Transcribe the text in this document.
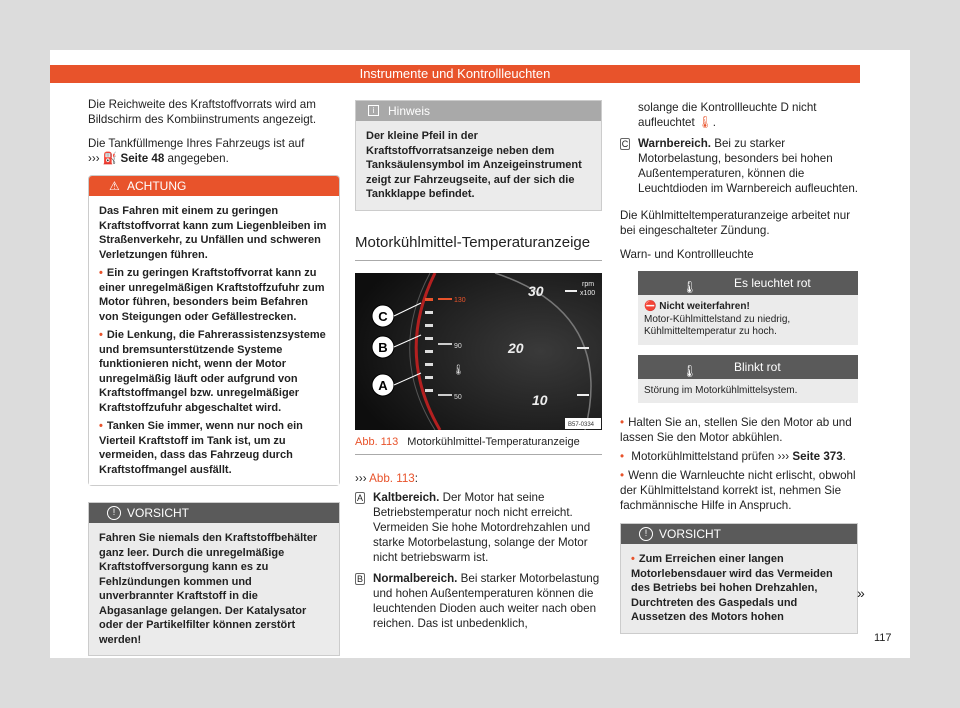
Instrumente und Kontrollleuchten

Die Reichweite des Kraftstoffvorrats wird am Bildschirm des Kombiinstruments angezeigt.

Die Tankfüllmenge Ihres Fahrzeugs ist auf
››› ⛽ Seite 48 angegeben.

⚠ ACHTUNG

Das Fahren mit einem zu geringen Kraftstoffvorrat kann zum Liegenbleiben im Straßenverkehr, zu Unfällen und schweren Verletzungen führen.

• Ein zu geringen Kraftstoffvorrat kann zu einer unregelmäßigen Kraftstoffzufuhr zum Motor führen, besonders beim Befahren von Steigungen oder Gefällestrecken.

• Die Lenkung, die Fahrerassistenzsysteme und bremsunterstützende Systeme funktionieren nicht, wenn der Motor unregelmäßig läuft oder aufgrund von Kraftstoffmangel bzw. unregelmäßiger Kraftstoffzufuhr abgeschaltet wird.

• Tanken Sie immer, wenn nur noch ein Vierteil Kraftstoff im Tank ist, um zu vermeiden, dass das Fahrzeug durch Kraftstoffmangel ausfällt.

! VORSICHT
Fahren Sie niemals den Kraftstoffbehälter ganz leer. Durch die unregelmäßige Kraftstoffversorgung kann es zu Fehlzündungen kommen und unverbrannter Kraftstoff in die Abgasanlage gelangen. Der Katalysator oder der Partikelfilter können zerstört werden!
i	Hinweis
Der kleine Pfeil in der Kraftstoffvorratsanzeige neben dem Tanksäulensymbol im Anzeigeinstrument zeigt zur Fahrzeugseite, auf der sich die Tankklappe befindet.
Motorkühlmittel-Temperaturanzeige
130
90
50
🌡
30
20
10
rpm
x100
C
B
A
B57-0334
Abb. 113 Motorkühlmittel-Temperaturanzeige

››› Abb. 113:

A Kaltbereich. Der Motor hat seine Betriebstemperatur noch nicht erreicht. Vermeiden Sie hohe Motordrehzahlen und starke Motorbelastung, solange der Motor nicht betriebswarm ist.
B Normalbereich. Bei starker Motorbelastung und hohen Außentemperaturen können die leuchtenden Dioden auch weiter nach oben reichen. Das ist unbedenklich,

solange die Kontrollleuchte D nicht aufleuchtet 🌡.

C Warnbereich. Bei zu starker Motorbelastung, besonders bei hohen Außentemperaturen, können die Leuchtdioden im Warnbereich aufleuchten.

Die Kühlmitteltemperaturanzeige arbeitet nur bei eingeschalteter Zündung.

Warn- und Kontrollleuchte

🌡	Es leuchtet rot
⛔ Nicht weiterfahren!
Motor-Kühlmittelstand zu niedrig, Kühlmitteltemperatur zu hoch.
🌡	Blinkt rot
Störung im Motorkühlmittelsystem.

• Halten Sie an, stellen Sie den Motor ab und lassen Sie den Motor abkühlen.

• Motorkühlmittelstand prüfen ››› Seite 373.

• Wenn die Warnleuchte nicht erlischt, obwohl der Kühlmittelstand korrekt ist, nehmen Sie fachmännische Hilfe in Anspruch.

! VORSICHT
• Zum Erreichen einer langen Motorlebensdauer wird das Vermeiden des Betriebs bei hohen Drehzahlen, Durchtreten des Gaspedals und Aussetzen des Motors hohen
»
117
